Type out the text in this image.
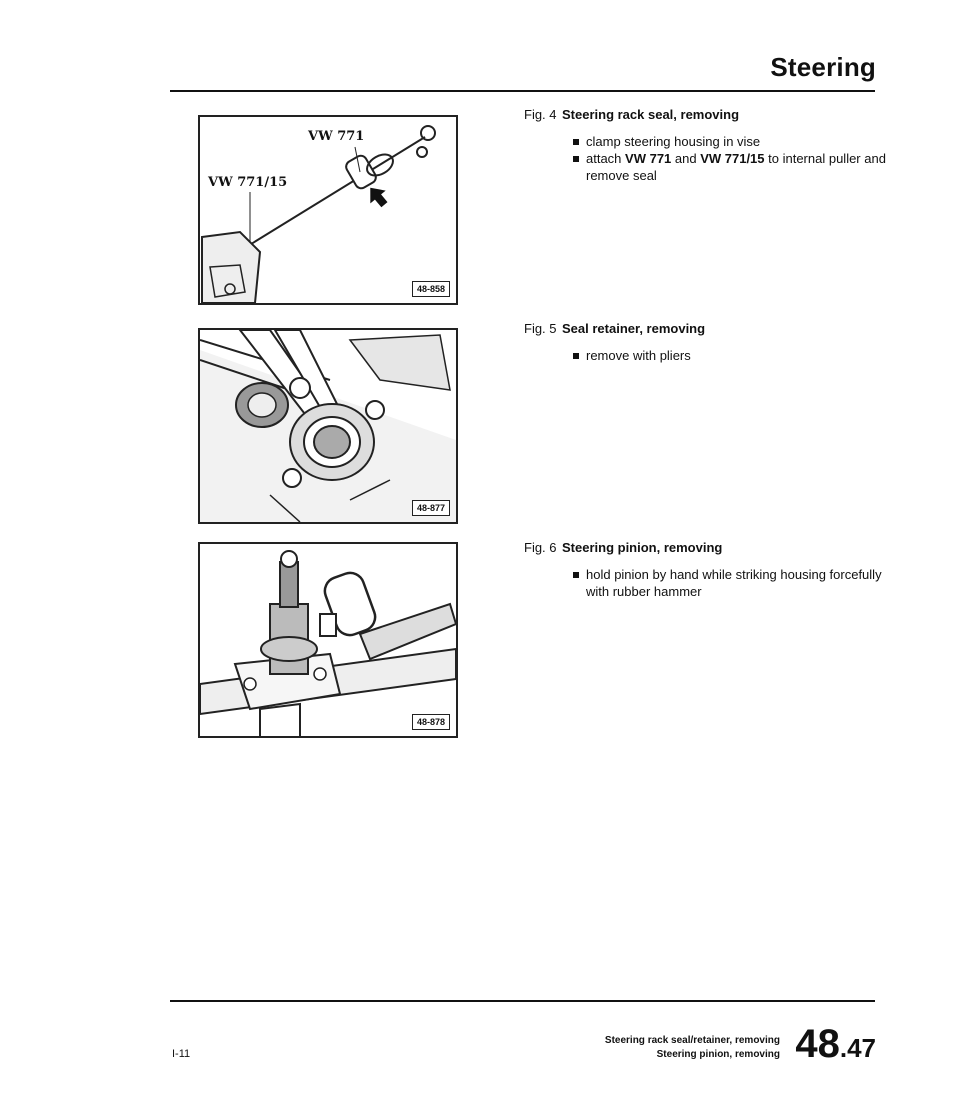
Steering
VW 771
VW 771/15
48-858
48-877
48-878
Fig. 4 Steering rack seal, removing
clamp steering housing in vise
attach VW 771 and VW 771/15 to internal puller and remove seal
Fig. 5 Seal retainer, removing
remove with pliers
Fig. 6 Steering pinion, removing
hold pinion by hand while striking housing forcefully with rubber hammer
I-11
Steering rack seal/retainer, removing
Steering pinion, removing 48.47
